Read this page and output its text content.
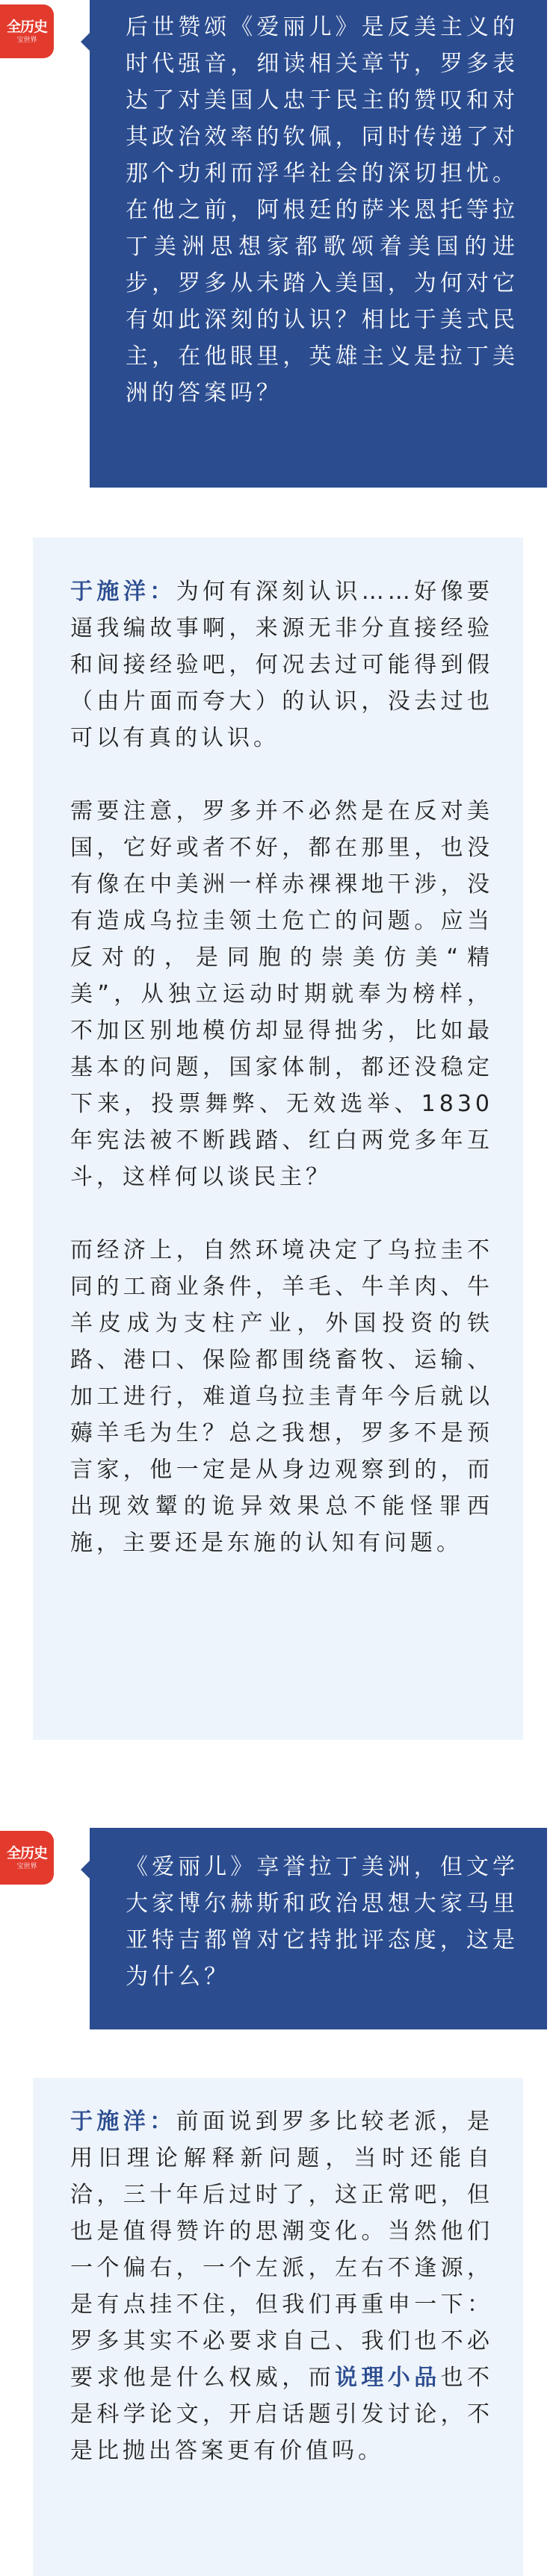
全历史
宝世界	后世赞颂《爱丽儿》是反美主义的时代强音，细读相关章节，罗多表达了对美国人忠于民主的赞叹和对其政治效率的钦佩，同时传递了对那个功利而浮华社会的深切担忧。在他之前，阿根廷的萨米恩托等拉丁美洲思想家都歌颂着美国的进步，罗多从未踏入美国，为何对它有如此深刻的认识？相比于美式民主，在他眼里，英雄主义是拉丁美洲的答案吗？

于施洋：为何有深刻认识……好像要逼我编故事啊，来源无非分直接经验和间接经验吧，何况去过可能得到假（由片面而夸大）的认识，没去过也可以有真的认识。

需要注意，罗多并不必然是在反对美国，它好或者不好，都在那里，也没有像在中美洲一样赤裸裸地干涉，没有造成乌拉圭领土危亡的问题。应当反对的，是同胞的崇美仿美“精美”，从独立运动时期就奉为榜样，不加区别地模仿却显得拙劣，比如最基本的问题，国家体制，都还没稳定下来，投票舞弊、无效选举、1830年宪法被不断践踏、红白两党多年互斗，这样何以谈民主？

而经济上，自然环境决定了乌拉圭不同的工商业条件，羊毛、牛羊肉、牛羊皮成为支柱产业，外国投资的铁路、港口、保险都围绕畜牧、运输、加工进行，难道乌拉圭青年今后就以薅羊毛为生？总之我想，罗多不是预言家，他一定是从身边观察到的，而出现效颦的诡异效果总不能怪罪西施，主要还是东施的认知有问题。

全历史
宝世界	《爱丽儿》享誉拉丁美洲，但文学大家博尔赫斯和政治思想大家马里亚特吉都曾对它持批评态度，这是为什么？

于施洋：前面说到罗多比较老派，是用旧理论解释新问题，当时还能自洽，三十年后过时了，这正常吧，但也是值得赞许的思潮变化。当然他们一个偏右，一个左派，左右不逢源，是有点挂不住，但我们再重申一下：罗多其实不必要求自己、我们也不必要求他是什么权威，而说理小品也不是科学论文，开启话题引发讨论，不是比抛出答案更有价值吗。
